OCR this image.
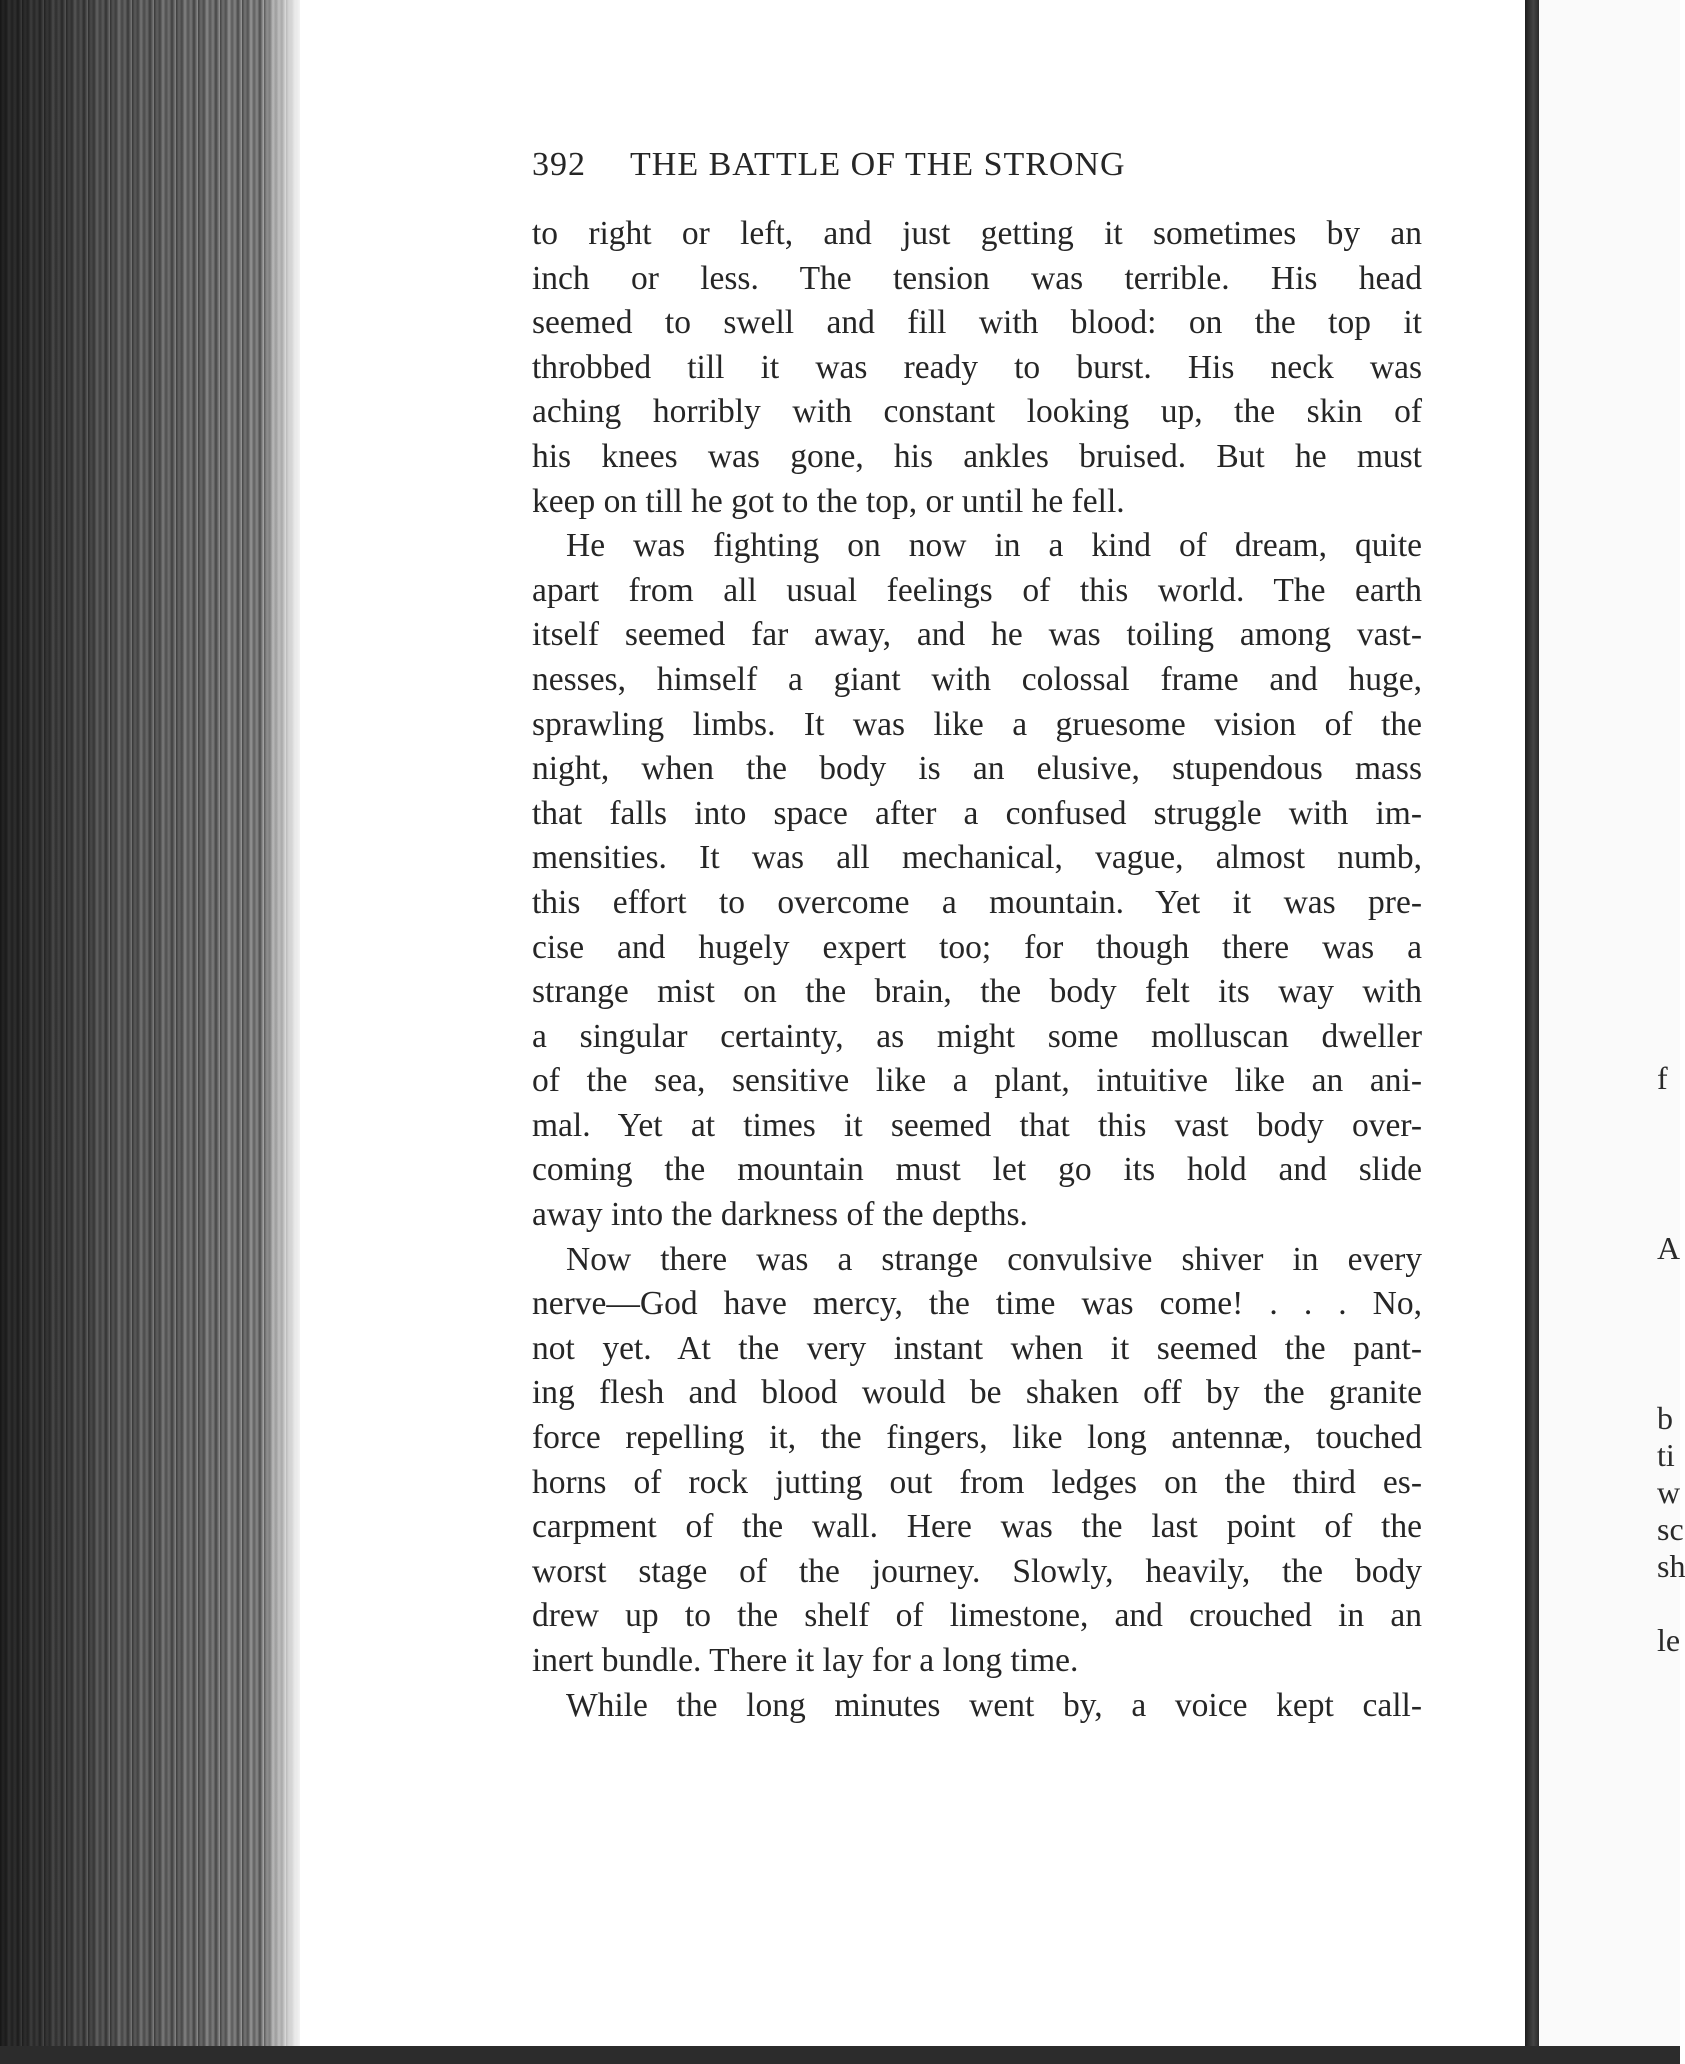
f
A
b
ti
w
sc
sh
le
392 THE BATTLE OF THE STRONG
to right or left, and just getting it sometimes by an
inch or less. The tension was terrible. His head
seemed to swell and fill with blood: on the top it
throbbed till it was ready to burst. His neck was
aching horribly with constant looking up, the skin of
his knees was gone, his ankles bruised. But he must
keep on till he got to the top, or until he fell.
He was fighting on now in a kind of dream, quite
apart from all usual feelings of this world. The earth
itself seemed far away, and he was toiling among vast-
nesses, himself a giant with colossal frame and huge,
sprawling limbs. It was like a gruesome vision of the
night, when the body is an elusive, stupendous mass
that falls into space after a confused struggle with im-
mensities. It was all mechanical, vague, almost numb,
this effort to overcome a mountain. Yet it was pre-
cise and hugely expert too; for though there was a
strange mist on the brain, the body felt its way with
a singular certainty, as might some molluscan dweller
of the sea, sensitive like a plant, intuitive like an ani-
mal. Yet at times it seemed that this vast body over-
coming the mountain must let go its hold and slide
away into the darkness of the depths.
Now there was a strange convulsive shiver in every
nerve—God have mercy, the time was come! . . . No,
not yet. At the very instant when it seemed the pant-
ing flesh and blood would be shaken off by the granite
force repelling it, the fingers, like long antennæ, touched
horns of rock jutting out from ledges on the third es-
carpment of the wall. Here was the last point of the
worst stage of the journey. Slowly, heavily, the body
drew up to the shelf of limestone, and crouched in an
inert bundle. There it lay for a long time.
While the long minutes went by, a voice kept call-
